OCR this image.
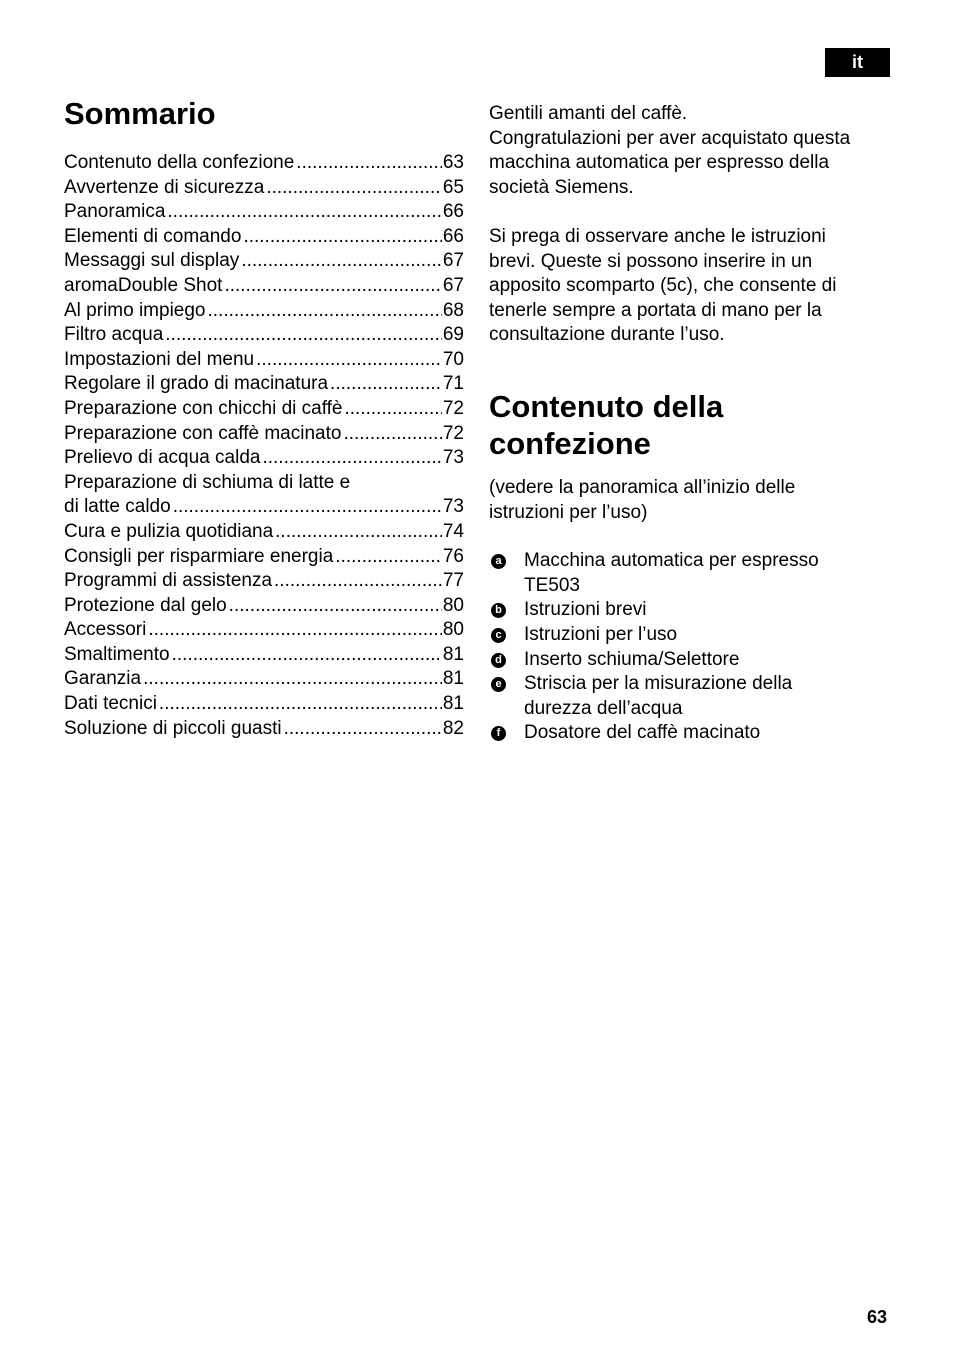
it
Sommario
Contenuto della confezione .....	63
Avvertenze di sicurezza .....	65
Panoramica .....	66
Elementi di comando .....	66
Messaggi sul display .....	67
aromaDouble Shot .....	67
Al primo impiego .....	68
Filtro acqua .....	69
Impostazioni del menu .....	70
Regolare il grado di macinatura .....	71
Preparazione con chicchi di caffè .....	72
Preparazione con caffè macinato .....	72
Prelievo di acqua calda .....	73
Preparazione di schiuma di latte e
di latte caldo .....	73
Cura e pulizia quotidiana .....	74
Consigli per risparmiare energia .....	76
Programmi di assistenza .....	77
Protezione dal gelo .....	80
Accessori .....	80
Smaltimento .....	81
Garanzia .....	81
Dati tecnici .....	81
Soluzione di piccoli guasti .....	82

Gentili amanti del caffè.

Congratulazioni per aver acquistato questa

macchina automatica per espresso della

società Siemens.

Si prega di osservare anche le istruzioni

brevi. Queste si possono inserire in un

apposito scomparto (5c), che consente di

tenerle sempre a portata di mano per la

consultazione durante l’uso.

Contenuto della
confezione

(vedere la panoramica all’inizio delle

istruzioni per l’uso)

a Macchina automatica per espresso
TE503
b Istruzioni brevi
c Istruzioni per l’uso
d Inserto schiuma/Selettore
e Striscia per la misurazione della
durezza dell’acqua
f Dosatore del caffè macinato
63
